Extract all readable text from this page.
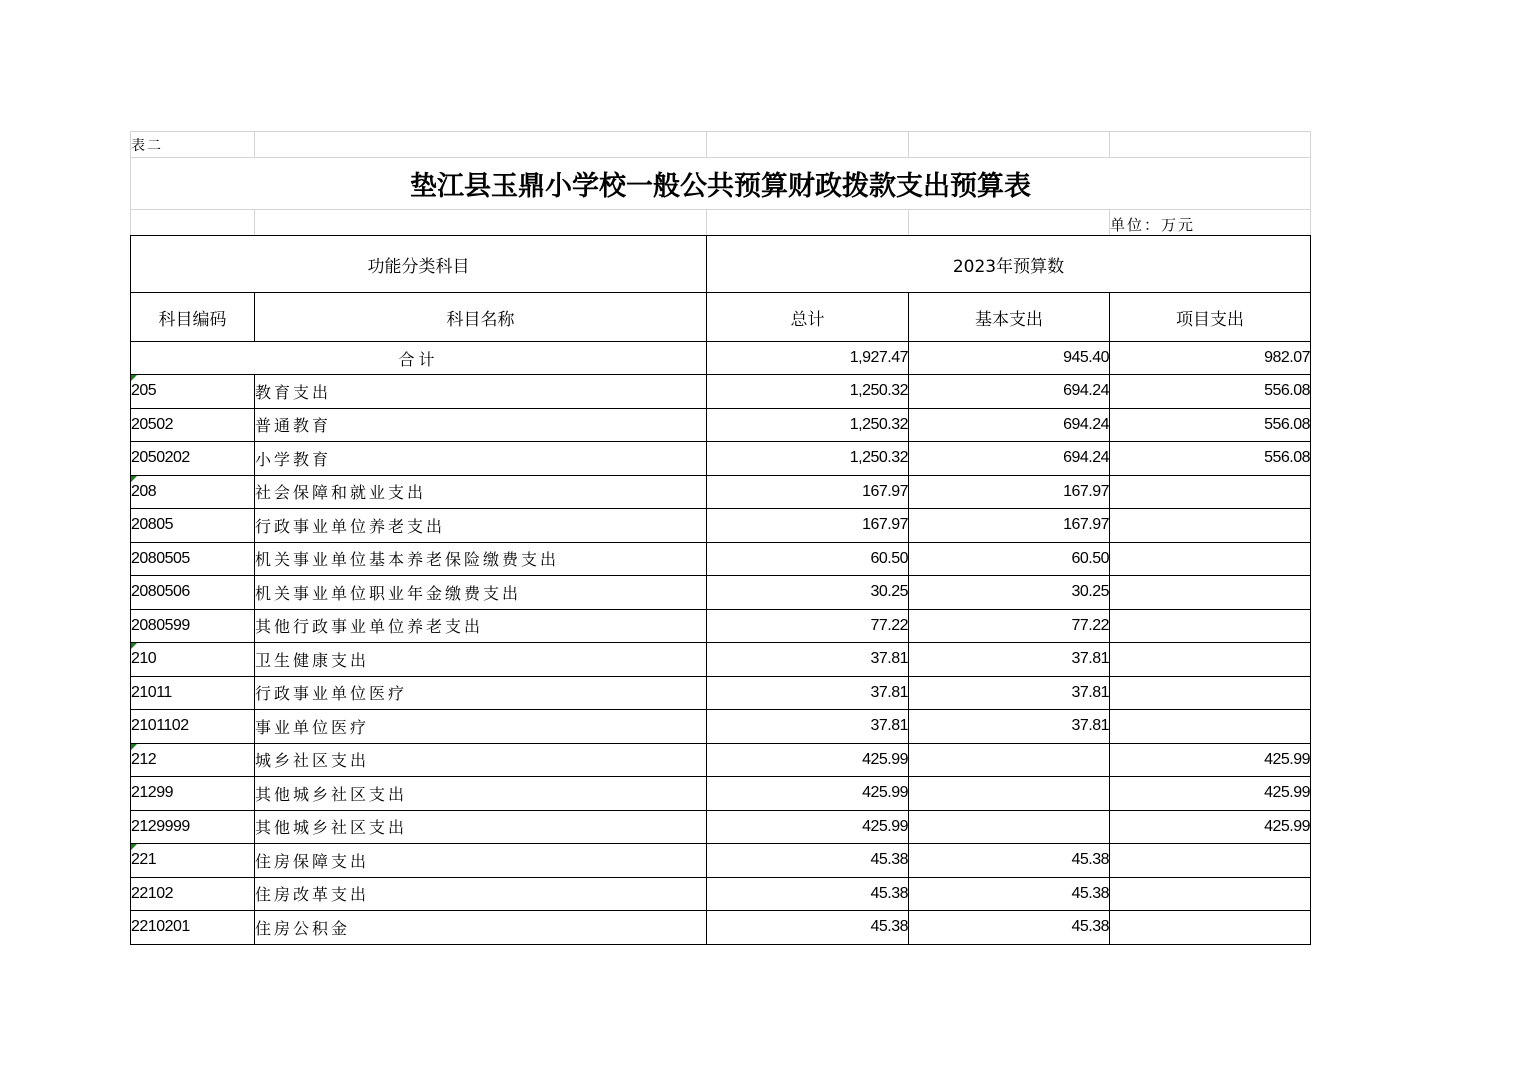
表二				
垫江县玉鼎小学校一般公共预算财政拨款支出预算表				
				单位：万元
功能分类科目		2023年预算数		
科目编码	科目名称	总计	基本支出	项目支出
合计		1,927.47	945.40	982.07

205	教育支出	1,250.32	694.24	556.08
20502	普通教育	1,250.32	694.24	556.08
2050202	小学教育	1,250.32	694.24	556.08

208	社会保障和就业支出	167.97	167.97	
20805	行政事业单位养老支出	167.97	167.97	
2080505	机关事业单位基本养老保险缴费支出	60.50	60.50	
2080506	机关事业单位职业年金缴费支出	30.25	30.25	
2080599	其他行政事业单位养老支出	77.22	77.22	

210	卫生健康支出	37.81	37.81	
21011	行政事业单位医疗	37.81	37.81	
2101102	事业单位医疗	37.81	37.81	

212	城乡社区支出	425.99		425.99
21299	其他城乡社区支出	425.99		425.99
2129999	其他城乡社区支出	425.99		425.99

221	住房保障支出	45.38	45.38	
22102	住房改革支出	45.38	45.38	
2210201	住房公积金	45.38	45.38	
